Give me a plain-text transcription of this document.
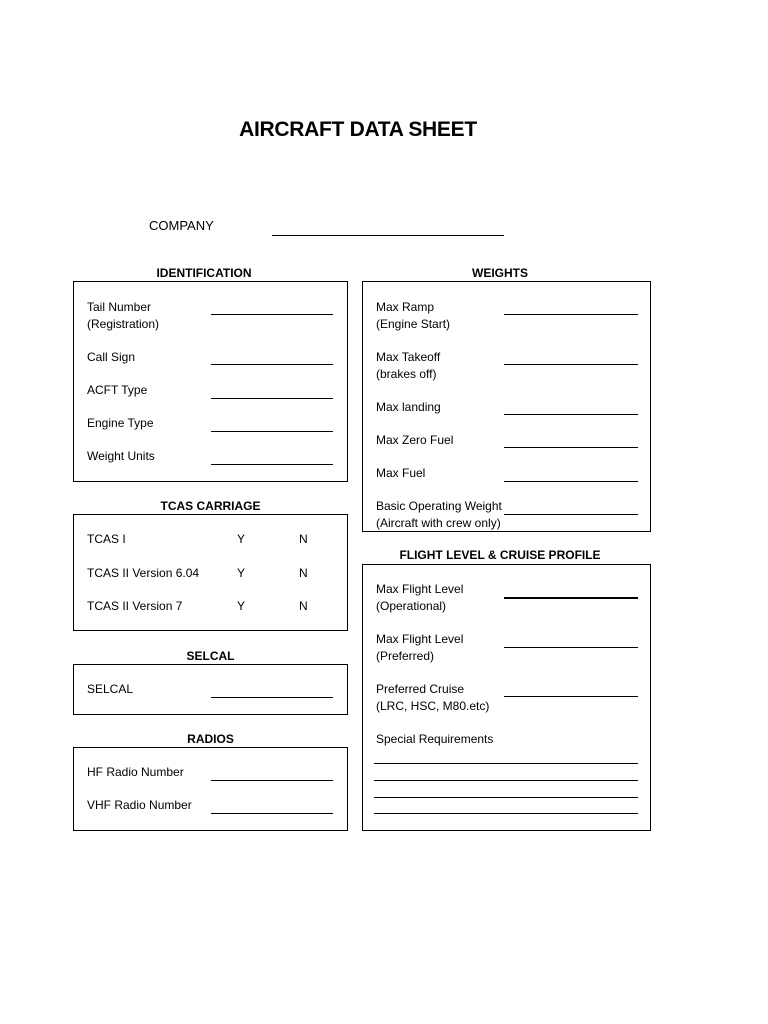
AIRCRAFT DATA SHEET
COMPANY
IDENTIFICATION
Tail Number
(Registration)
Call Sign
ACFT Type
Engine Type
Weight Units
TCAS CARRIAGE
TCAS I	Y	N
TCAS II Version 6.04	Y	N
TCAS II Version 7	Y	N
SELCAL
SELCAL
RADIOS
HF Radio Number
VHF Radio Number
WEIGHTS
Max Ramp
(Engine Start)
Max Takeoff
(brakes off)
Max landing
Max Zero Fuel
Max Fuel
Basic Operating Weight
(Aircraft with crew only)
FLIGHT LEVEL & CRUISE PROFILE
Max Flight Level
(Operational)
Max Flight Level
(Preferred)
Preferred Cruise
(LRC, HSC, M80.etc)
Special Requirements
